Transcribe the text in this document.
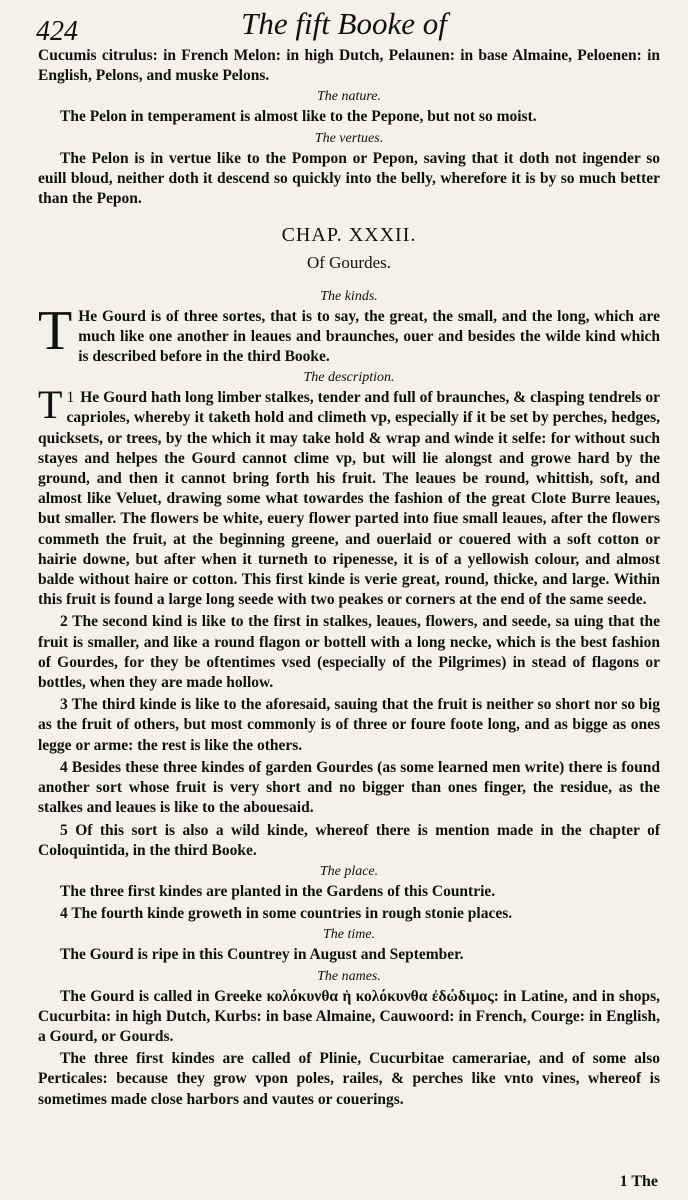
424	The fift Booke of

Cucumis citrulus: in French Melon: in high Dutch, Pelaunen: in base Almaine, Peloenen: in English, Pelons, and muske Pelons.

The nature.

The Pelon in temperament is almost like to the Pepone, but not so moist.

The vertues.

The Pelon is in vertue like to the Pompon or Pepon, saving that it doth not ingender so euill bloud, neither doth it descend so quickly into the belly, wherefore it is by so much better than the Pepon.

CHAP. XXXII.
Of Gourdes.
The kinds.

T He Gourd is of three sortes, that is to say, the great, the small, and the long, which are much like one another in leaues and braunches, ouer and besides the wilde kind which is described before in the third Booke.

The description.

1
T He Gourd hath long limber stalkes, tender and full of braunches, & clasping tendrels or caprioles, whereby it taketh hold and climeth vp, especially if it be set by perches, hedges, quicksets, or trees, by the which it may take hold & wrap and winde it selfe: for without such stayes and helpes the Gourd cannot clime vp, but will lie alongst and growe hard by the ground, and then it cannot bring forth his fruit. The leaues be round, whittish, soft, and almost like Veluet, drawing some what towardes the fashion of the great Clote Burre leaues, but smaller. The flowers be white, euery flower parted into fiue small leaues, after the flowers commeth the fruit, at the beginning greene, and ouerlaid or couered with a soft cotton or hairie downe, but after when it turneth to ripenesse, it is of a yellowish colour, and almost balde without haire or cotton. This first kinde is verie great, round, thicke, and large. Within this fruit is found a large long seede with two peakes or corners at the end of the same seede.

2 The second kind is like to the first in stalkes, leaues, flowers, and seede, sa uing that the fruit is smaller, and like a round flagon or bottell with a long necke, which is the best fashion of Gourdes, for they be oftentimes vsed (especially of the Pilgrimes) in stead of flagons or bottles, when they are made hollow.

3 The third kinde is like to the aforesaid, sauing that the fruit is neither so short nor so big as the fruit of others, but most commonly is of three or foure foote long, and as bigge as ones legge or arme: the rest is like the others.

4 Besides these three kindes of garden Gourdes (as some learned men write) there is found another sort whose fruit is very short and no bigger than ones finger, the residue, as the stalkes and leaues is like to the abouesaid.

5 Of this sort is also a wild kinde, whereof there is mention made in the chapter of Coloquintida, in the third Booke.

The place.

The three first kindes are planted in the Gardens of this Countrie.

4 The fourth kinde groweth in some countries in rough stonie places.

The time.

The Gourd is ripe in this Countrey in August and September.

The names.

The Gourd is called in Greeke κολόκυνθα ἡ κολόκυνθα ἐδώδιμος: in Latine, and in shops, Cucurbita: in high Dutch, Kurbs: in base Almaine, Cauwoord: in French, Courge: in English, a Gourd, or Gourds.

The three first kindes are called of Plinie, Cucurbitae camerariae, and of some also Perticales: because they grow vpon poles, railes, & perches like vnto vines, whereof is sometimes made close harbors and vautes or couerings.

1 The
